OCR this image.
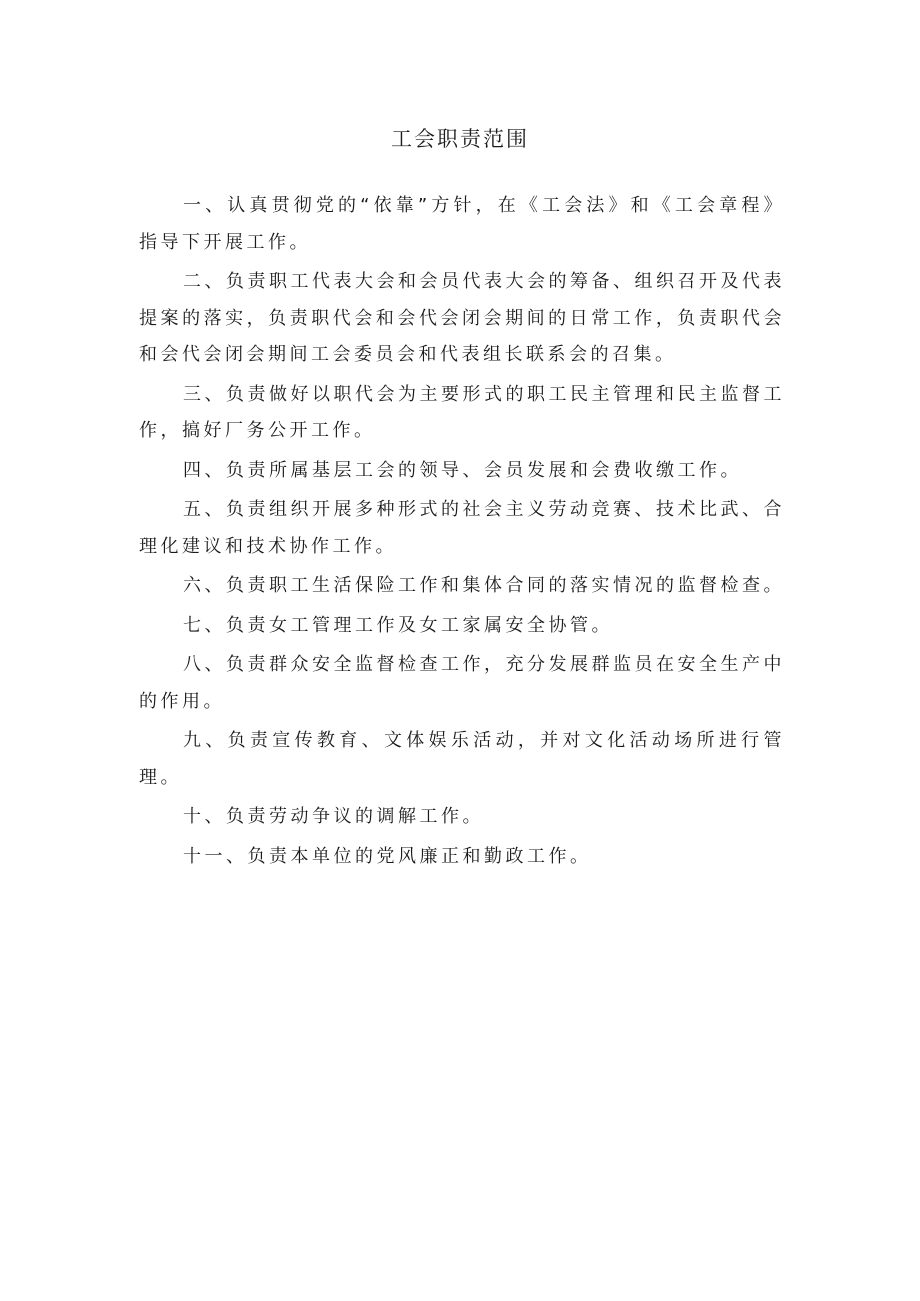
工会职责范围

一、认真贯彻党的“依靠”方针，在《工会法》和《工会章程》指导下开展工作。

二、负责职工代表大会和会员代表大会的筹备、组织召开及代表提案的落实，负责职代会和会代会闭会期间的日常工作，负责职代会和会代会闭会期间工会委员会和代表组长联系会的召集。

三、负责做好以职代会为主要形式的职工民主管理和民主监督工作，搞好厂务公开工作。

四、负责所属基层工会的领导、会员发展和会费收缴工作。

五、负责组织开展多种形式的社会主义劳动竞赛、技术比武、合理化建议和技术协作工作。

六、负责职工生活保险工作和集体合同的落实情况的监督检查。

七、负责女工管理工作及女工家属安全协管。

八、负责群众安全监督检查工作，充分发展群监员在安全生产中的作用。

九、负责宣传教育、文体娱乐活动，并对文化活动场所进行管理。

十、负责劳动争议的调解工作。

十一、负责本单位的党风廉正和勤政工作。
